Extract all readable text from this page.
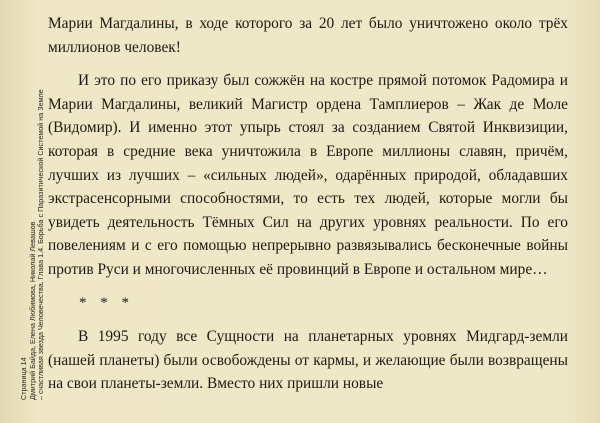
Страница 14 Дмитрий Байда, Елена Любимова, Николай Левашов – счастливая звезда Человечества. Глава 1.4. Борьба с Паразитической Системой на Земле

Марии Магдалины, в ходе которого за 20 лет было уничтожено около трёх миллионов человек!

И это по его приказу был сожжён на костре прямой потомок Радомира и Марии Магдалины, великий Магистр ордена Тамплиеров – Жак де Моле (Видомир). И именно этот упырь стоял за созданием Святой Инквизиции, которая в средние века уничтожила в Европе миллионы славян, причём, лучших из лучших – «сильных людей», одарённых природой, обладавших экстрасенсорными способностями, то есть тех людей, которые могли бы увидеть деятельность Тёмных Сил на других уровнях реальности. По его повелениям и с его помощью непрерывно развязывались бесконечные войны против Руси и многочисленных её провинций в Европе и остальном мире…

* * *

В 1995 году все Сущности на планетарных уровнях Мидгард-земли (нашей планеты) были освобождены от кармы, и желающие были возвращены на свои планеты-земли. Вместо них пришли новые
